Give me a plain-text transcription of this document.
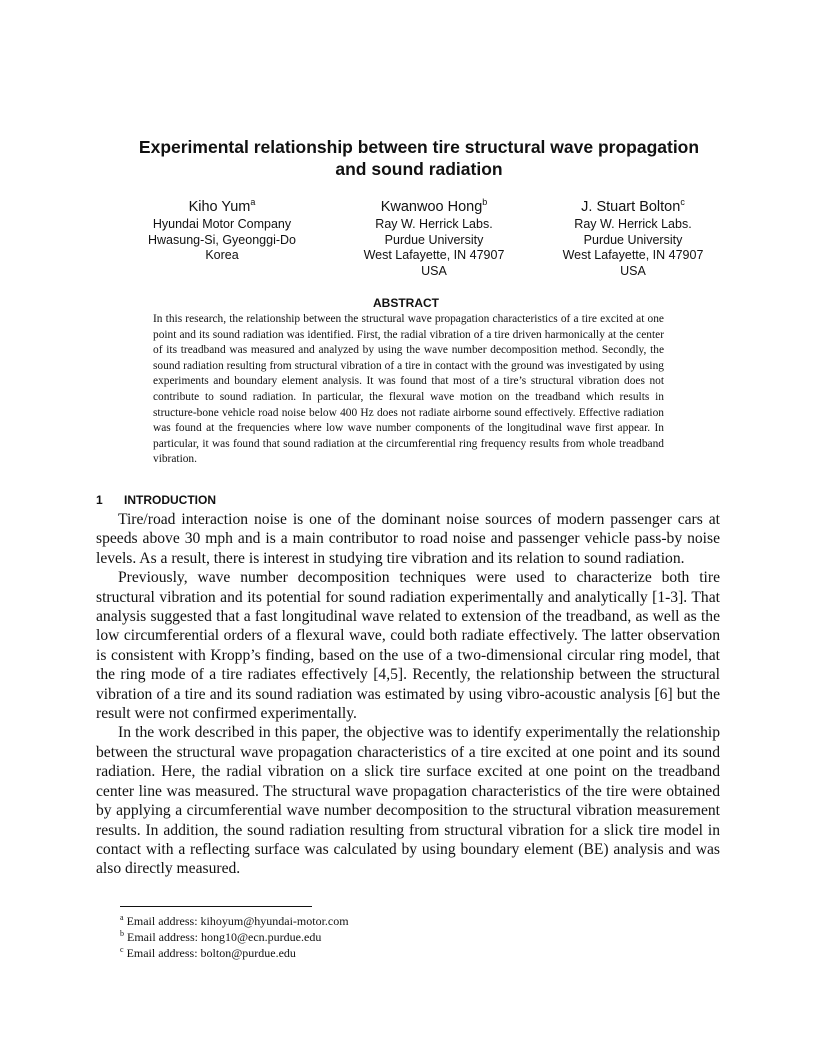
Experimental relationship between tire structural wave propagation
and sound radiation
Kiho Yum$^a$
Hyundai Motor Company
Hwasung-Si, Gyeonggi-Do
Korea
Kwanwoo Hong$^b$
Ray W. Herrick Labs.
Purdue University
West Lafayette, IN 47907
USA
J. Stuart Bolton$^c$
Ray W. Herrick Labs.
Purdue University
West Lafayette, IN 47907
USA
ABSTRACT

In this research, the relationship between the structural wave propagation characteristics of a tire excited at one point and its sound radiation was identified. First, the radial vibration of a tire driven harmonically at the center of its treadband was measured and analyzed by using the wave number decomposition method. Secondly, the sound radiation resulting from structural vibration of a tire in contact with the ground was investigated by using experiments and boundary element analysis. It was found that most of a tire’s structural vibration does not contribute to sound radiation. In particular, the flexural wave motion on the treadband which results in structure-bone vehicle road noise below 400 Hz does not radiate airborne sound effectively. Effective radiation was found at the frequencies where low wave number components of the longitudinal wave first appear. In particular, it was found that sound radiation at the circumferential ring frequency results from whole treadband vibration.

1 INTRODUCTION

Tire/road interaction noise is one of the dominant noise sources of modern passenger cars at speeds above 30 mph and is a main contributor to road noise and passenger vehicle pass-by noise levels. As a result, there is interest in studying tire vibration and its relation to sound radiation.

Previously, wave number decomposition techniques were used to characterize both tire structural vibration and its potential for sound radiation experimentally and analytically [1-3]. That analysis suggested that a fast longitudinal wave related to extension of the treadband, as well as the low circumferential orders of a flexural wave, could both radiate effectively. The latter observation is consistent with Kropp’s finding, based on the use of a two-dimensional circular ring model, that the ring mode of a tire radiates effectively [4,5]. Recently, the relationship between the structural vibration of a tire and its sound radiation was estimated by using vibro-acoustic analysis [6] but the result were not confirmed experimentally.

In the work described in this paper, the objective was to identify experimentally the relationship between the structural wave propagation characteristics of a tire excited at one point and its sound radiation. Here, the radial vibration on a slick tire surface excited at one point on the treadband center line was measured. The structural wave propagation characteristics of the tire were obtained by applying a circumferential wave number decomposition to the structural vibration measurement results. In addition, the sound radiation resulting from structural vibration for a slick tire model in contact with a reflecting surface was calculated by using boundary element (BE) analysis and was also directly measured.

$^a$ Email address: kihoyum@hyundai-motor.com
$^b$ Email address: hong10@ecn.purdue.edu
$^c$ Email address: bolton@purdue.edu
